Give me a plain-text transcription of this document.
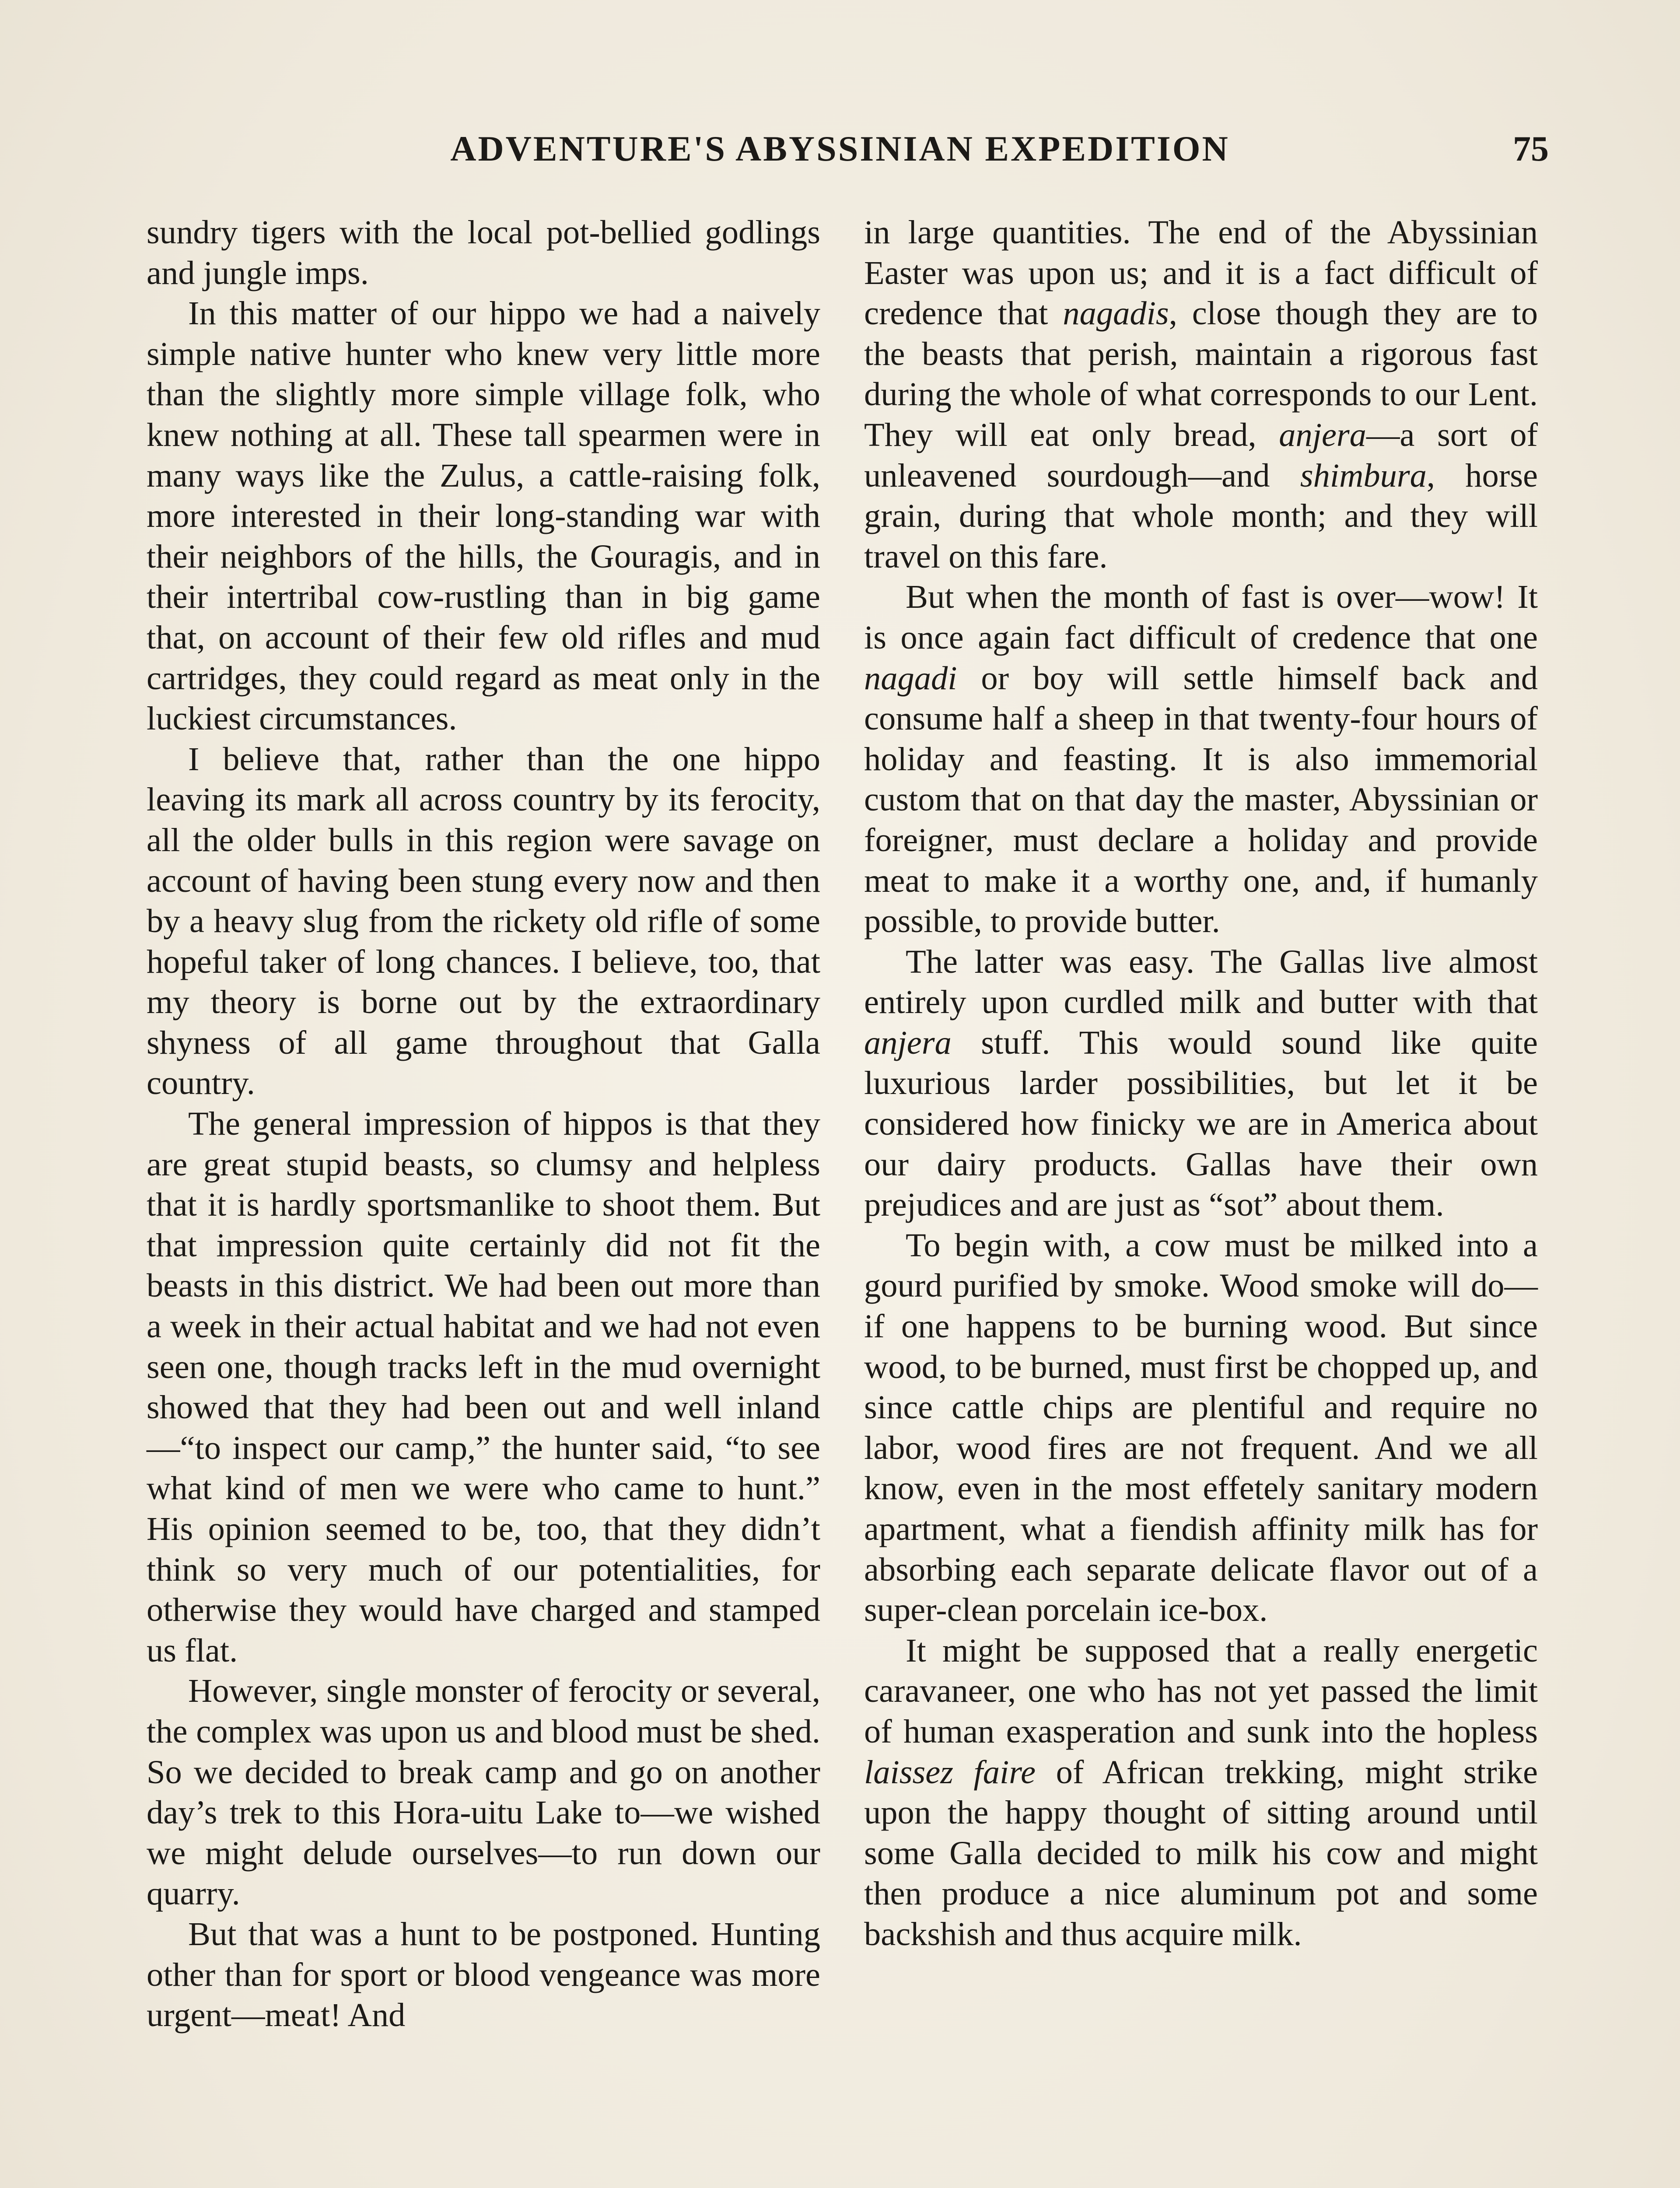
ADVENTURE'S ABYSSINIAN EXPEDITION	75

sundry tigers with the local pot-bellied godlings and jungle imps.

In this matter of our hippo we had a naively simple native hunter who knew very little more than the slightly more simple village folk, who knew nothing at all. These tall spearmen were in many ways like the Zulus, a cattle-raising folk, more interested in their long-standing war with their neighbors of the hills, the Gouragis, and in their intertribal cow-rustling than in big game that, on account of their few old rifles and mud cartridges, they could regard as meat only in the luckiest circumstances.

I believe that, rather than the one hippo leaving its mark all across country by its ferocity, all the older bulls in this region were savage on account of having been stung every now and then by a heavy slug from the rickety old rifle of some hopeful taker of long chances. I believe, too, that my theory is borne out by the extraordinary shyness of all game throughout that Galla country.

The general impression of hippos is that they are great stupid beasts, so clumsy and helpless that it is hardly sportsmanlike to shoot them. But that impression quite certainly did not fit the beasts in this district. We had been out more than a week in their actual habitat and we had not even seen one, though tracks left in the mud overnight showed that they had been out and well inland—“to inspect our camp,” the hunter said, “to see what kind of men we were who came to hunt.” His opinion seemed to be, too, that they didn’t think so very much of our potentialities, for otherwise they would have charged and stamped us flat.

However, single monster of ferocity or several, the complex was upon us and blood must be shed. So we decided to break camp and go on another day’s trek to this Hora-uitu Lake to—we wished we might delude ourselves—to run down our quarry.

But that was a hunt to be postponed. Hunting other than for sport or blood vengeance was more urgent—meat! And

in large quantities. The end of the Abyssinian Easter was upon us; and it is a fact difficult of credence that nagadis, close though they are to the beasts that perish, maintain a rigorous fast during the whole of what corresponds to our Lent. They will eat only bread, anjera—a sort of unleavened sourdough—and shimbura, horse grain, during that whole month; and they will travel on this fare.

But when the month of fast is over—wow! It is once again fact difficult of credence that one nagadi or boy will settle himself back and consume half a sheep in that twenty-four hours of holiday and feasting. It is also immemorial custom that on that day the master, Abyssinian or foreigner, must declare a holiday and provide meat to make it a worthy one, and, if humanly possible, to provide butter.

The latter was easy. The Gallas live almost entirely upon curdled milk and butter with that anjera stuff. This would sound like quite luxurious larder possibilities, but let it be considered how finicky we are in America about our dairy products. Gallas have their own prejudices and are just as “sot” about them.

To begin with, a cow must be milked into a gourd purified by smoke. Wood smoke will do—if one happens to be burning wood. But since wood, to be burned, must first be chopped up, and since cattle chips are plentiful and require no labor, wood fires are not frequent. And we all know, even in the most effetely sanitary modern apartment, what a fiendish affinity milk has for absorbing each separate delicate flavor out of a super-clean porcelain ice-box.

It might be supposed that a really energetic caravaneer, one who has not yet passed the limit of human exasperation and sunk into the hopless laissez faire of African trekking, might strike upon the happy thought of sitting around until some Galla decided to milk his cow and might then produce a nice aluminum pot and some backshish and thus acquire milk.
